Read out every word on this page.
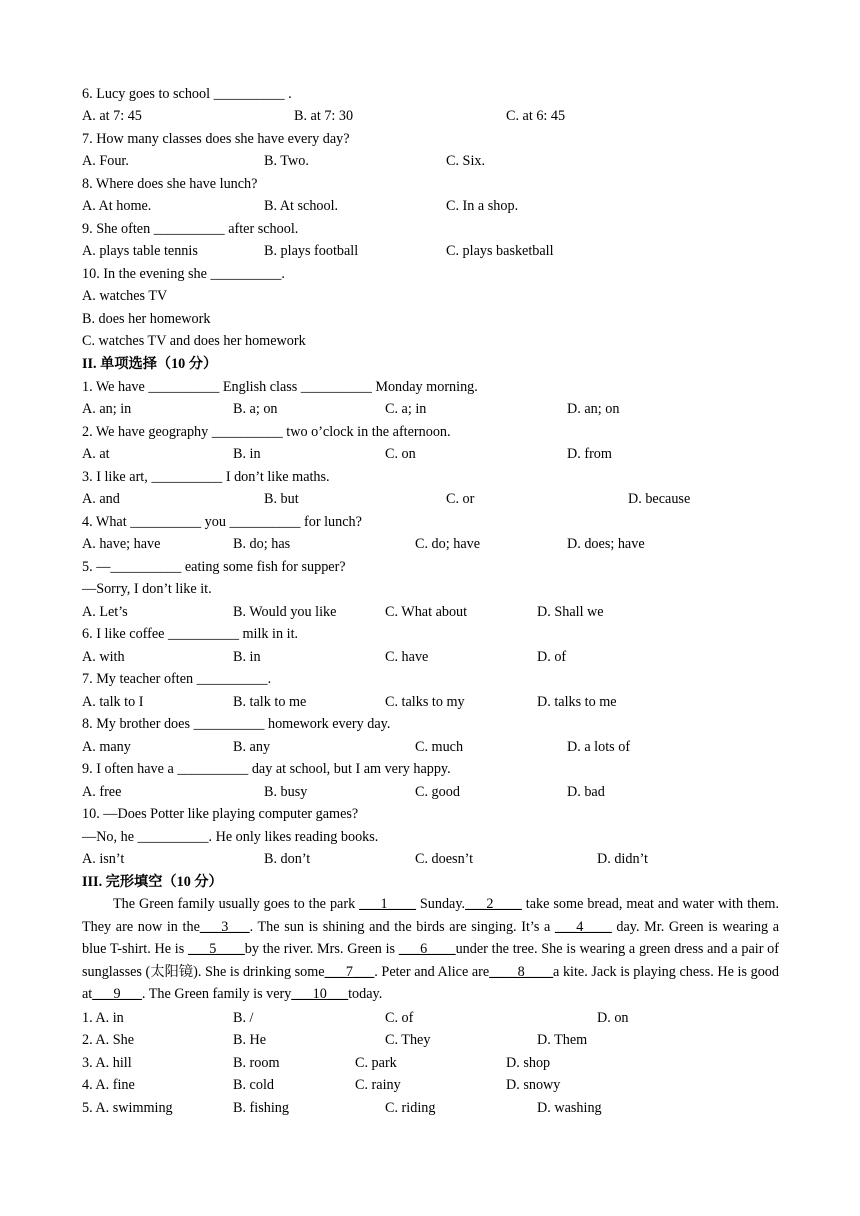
6. Lucy goes to school __________ .
A. at 7: 45	B. at 7: 30	C. at 6: 45
7. How many classes does she have every day?
A. Four.	B. Two.	C. Six.
8. Where does she have lunch?
A. At home.	B. At school.	C. In a shop.
9. She often __________ after school.
A. plays table tennis	B. plays football	C. plays basketball
10. In the evening she __________.
A. watches TV
B. does her homework
C. watches TV and does her homework
II. 单项选择（10 分）
1. We have __________ English class __________ Monday morning.
A. an; in	B. a; on	C. a; in	D. an; on
2. We have geography __________ two o’clock in the afternoon.
A. at	B. in	C. on	D. from
3. I like art, __________ I don’t like maths.
A. and	B. but	C. or	D. because
4. What __________ you __________ for lunch?
A. have; have	B. do; has	C. do; have	D. does; have
5. —__________ eating some fish for supper?
—Sorry, I don’t like it.
A. Let’s	B. Would you like	C. What about	D. Shall we
6. I like coffee __________ milk in it.
A. with	B. in	C. have	D. of
7. My teacher often __________.
A. talk to I	B. talk to me	C. talks to my	D. talks to me
8. My brother does __________ homework every day.
A. many	B. any	C. much	D. a lots of
9. I often have a __________ day at school, but I am very happy.
A. free	B. busy	C. good	D. bad
10. —Does Potter like playing computer games?
—No, he __________. He only likes reading books.
A. isn’t	B. don’t	C. doesn’t	D. didn’t
III. 完形填空（10 分）
The Green family usually goes to the park ___1____ Sunday.___2____ take some bread, meat and water with them. They are now in the___3___. The sun is shining and the birds are singing. It’s a ___4____ day. Mr. Green is wearing a blue T-shirt. He is ___5____by the river. Mrs. Green is ___6____under the tree. She is wearing a green dress and a pair of sunglasses (太阳镜). She is drinking some___7___. Peter and Alice are____8____a kite. Jack is playing chess. He is good at___9___. The Green family is very___10___today.
1. A. in	B. /	C. of	D. on
2. A. She	B. He	C. They	D. Them
3. A. hill	B. room	C. park	D. shop
4. A. fine	B. cold	C. rainy	D. snowy
5. A. swimming	B. fishing	C. riding	D. washing
